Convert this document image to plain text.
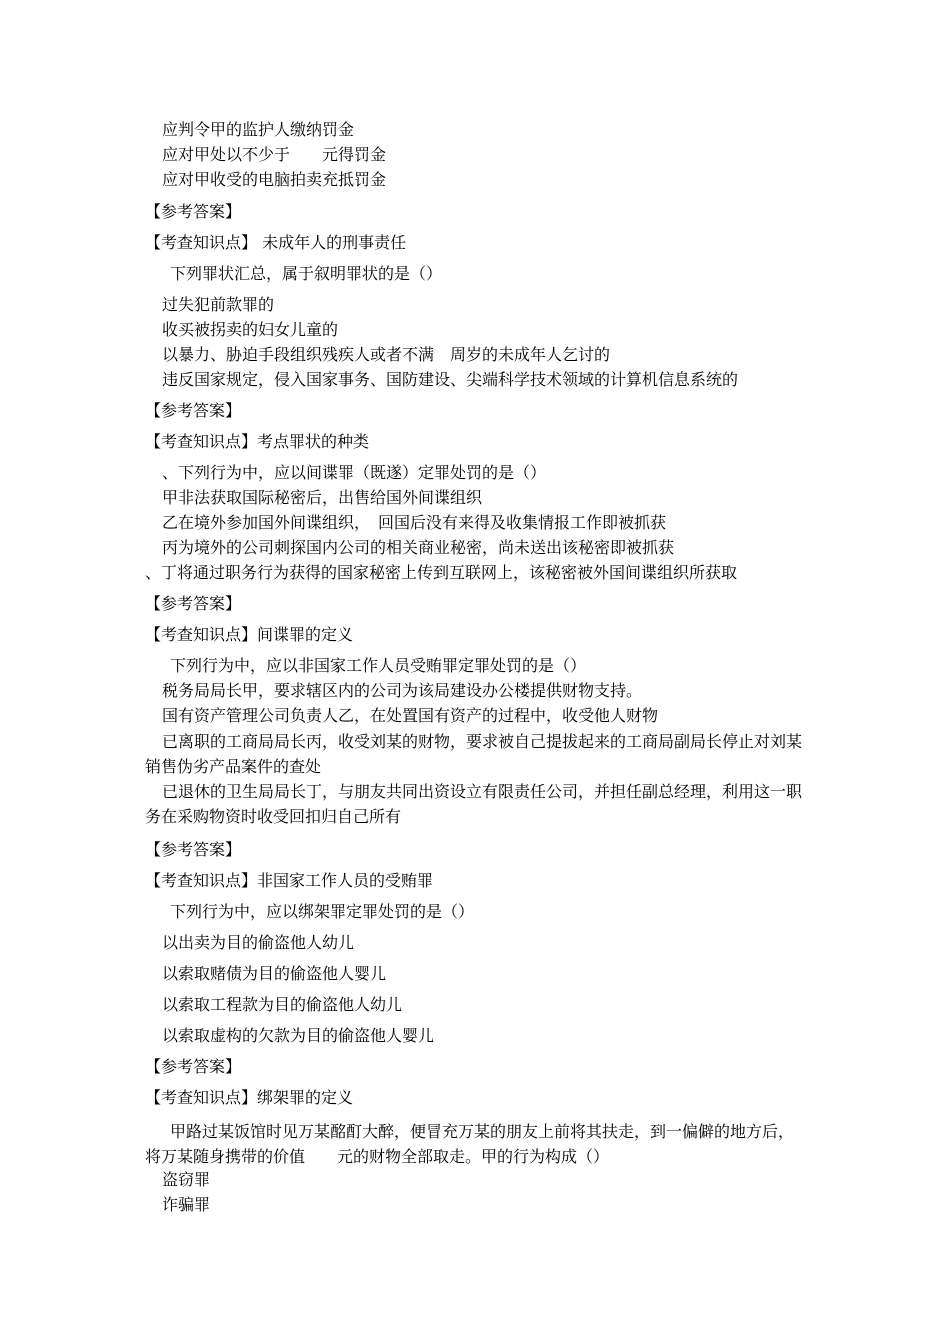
应判令甲的监护人缴纳罚金
应对甲处以不少于　　元得罚金
应对甲收受的电脑拍卖充抵罚金
【参考答案】
【考查知识点】 未成年人的刑事责任
下列罪状汇总，属于叙明罪状的是（）
过失犯前款罪的
收买被拐卖的妇女儿童的
以暴力、胁迫手段组织残疾人或者不满　周岁的未成年人乞讨的
违反国家规定，侵入国家事务、国防建设、尖端科学技术领域的计算机信息系统的
【参考答案】
【考查知识点】考点罪状的种类
、下列行为中，应以间谍罪（既遂）定罪处罚的是（）
甲非法获取国际秘密后，出售给国外间谍组织
乙在境外参加国外间谍组织，　回国后没有来得及收集情报工作即被抓获
丙为境外的公司刺探国内公司的相关商业秘密，尚未送出该秘密即被抓获
、丁将通过职务行为获得的国家秘密上传到互联网上，该秘密被外国间谍组织所获取
【参考答案】
【考查知识点】间谍罪的定义
下列行为中，应以非国家工作人员受贿罪定罪处罚的是（）
税务局局长甲，要求辖区内的公司为该局建设办公楼提供财物支持。
国有资产管理公司负责人乙，在处置国有资产的过程中，收受他人财物
已离职的工商局局长丙，收受刘某的财物，要求被自己提拔起来的工商局副局长停止对刘某销售伪劣产品案件的查处
已退休的卫生局局长丁，与朋友共同出资设立有限责任公司，并担任副总经理，利用这一职务在采购物资时收受回扣归自己所有
【参考答案】
【考查知识点】非国家工作人员的受贿罪
下列行为中，应以绑架罪定罪处罚的是（）
以出卖为目的偷盗他人幼儿
以索取赌债为目的偷盗他人婴儿
以索取工程款为目的偷盗他人幼儿
以索取虚构的欠款为目的偷盗他人婴儿
【参考答案】
【考查知识点】绑架罪的定义
甲路过某饭馆时见万某酩酊大醉，便冒充万某的朋友上前将其扶走，到一偏僻的地方后，将万某随身携带的价值　　元的财物全部取走。甲的行为构成（）
盗窃罪
诈骗罪
